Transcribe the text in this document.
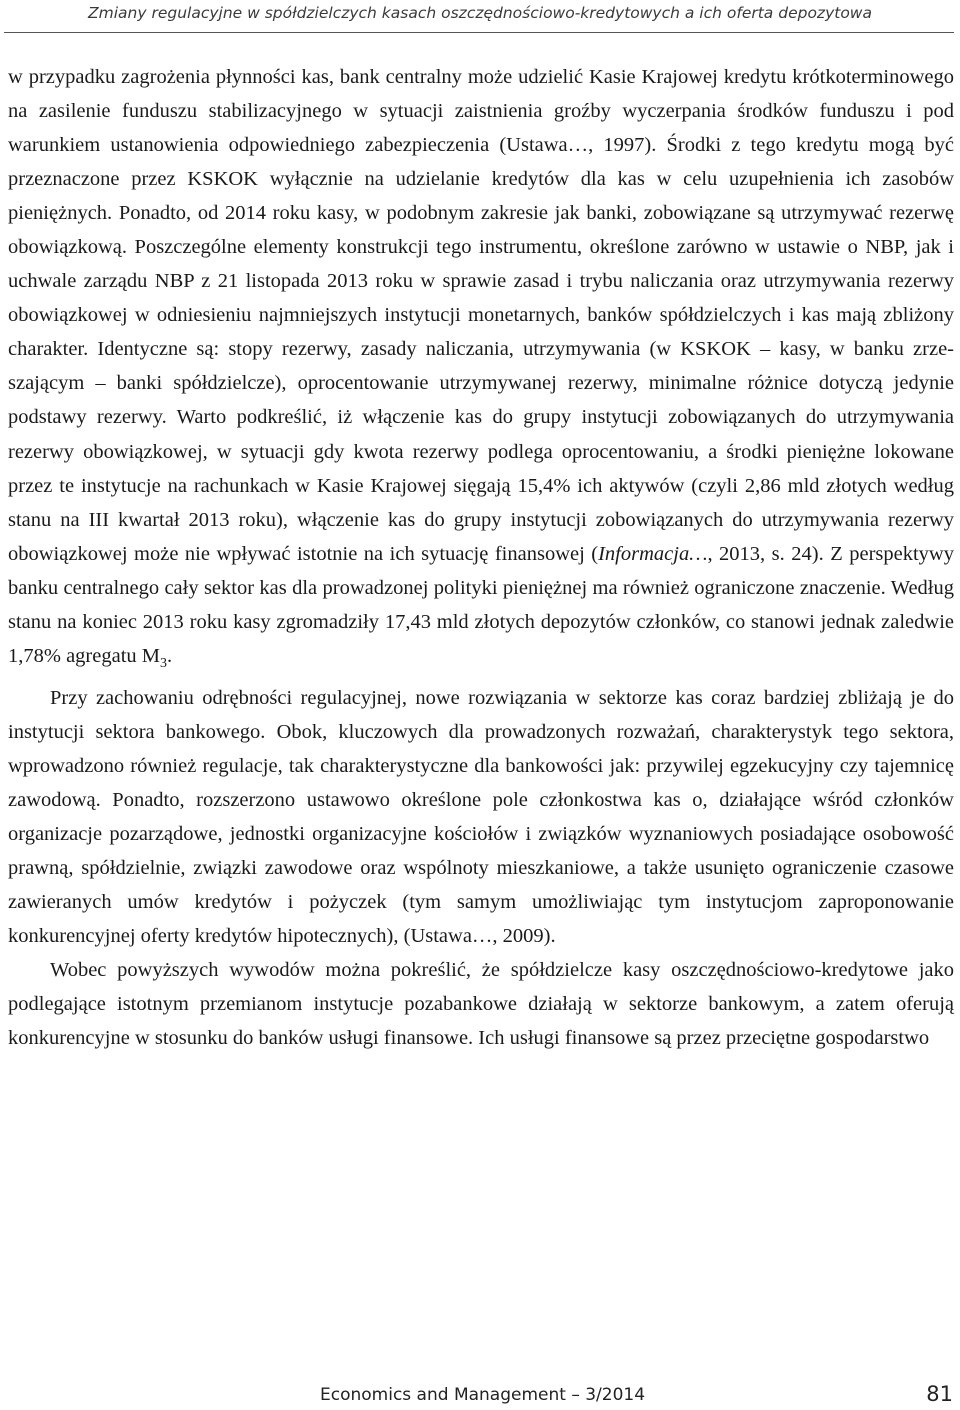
Zmiany regulacyjne w spółdzielczych kasach oszczędnościowo-kredytowych a ich oferta depozytowa

w przypadku zagrożenia płynności kas, bank centralny może udzielić Kasie Krajowej kredytu krótkoterminowego na zasilenie funduszu stabilizacyjnego w sytuacji zaistnienia groźby wyczerpania środków funduszu i pod warunkiem ustanowienia odpowiedniego zabezpieczenia (Ustawa…, 1997). Środki z tego kredytu mogą być przeznaczone przez KSKOK wyłącznie na udzielanie kredytów dla kas w celu uzupełnienia ich zasobów pieniężnych. Ponadto, od 2014 roku kasy, w podobnym zakresie jak banki, zobowiązane są utrzymywać rezerwę obowiązkową. Poszczególne elementy konstrukcji tego instrumentu, określone zarówno w ustawie o NBP, jak i uchwale zarządu NBP z 21 listopada 2013 roku w sprawie zasad i trybu naliczania oraz utrzymywania rezerwy obowiązkowej w odniesieniu najmniejszych instytucji monetarnych, banków spółdzielczych i kas mają zbliżony charakter. Identyczne są: stopy rezerwy, zasady naliczania, utrzymywania (w KSKOK – kasy, w banku zrzeszającym – banki spółdzielcze), oprocentowanie utrzymywanej rezerwy, minimalne różnice dotyczą jedynie podstawy rezerwy. Warto podkreślić, iż włączenie kas do grupy instytucji zobowiązanych do utrzymywania rezerwy obowiązkowej, w sytuacji gdy kwota rezerwy podlega oprocentowaniu, a środki pieniężne lokowane przez te instytucje na rachunkach w Kasie Krajowej sięgają 15,4% ich aktywów (czyli 2,86 mld złotych według stanu na III kwartał 2013 roku), włączenie kas do grupy instytucji zobowiązanych do utrzymywania rezerwy obowiązkowej może nie wpływać istotnie na ich sytuację finansowej (Informacja…, 2013, s. 24). Z perspektywy banku centralnego cały sektor kas dla prowadzonej polityki pieniężnej ma również ograniczone znaczenie. Według stanu na koniec 2013 roku kasy zgromadziły 17,43 mld złotych depozytów członków, co stanowi jednak zaledwie 1,78% agregatu $M_3$.

Przy zachowaniu odrębności regulacyjnej, nowe rozwiązania w sektorze kas coraz bardziej zbliżają je do instytucji sektora bankowego. Obok, kluczowych dla prowadzonych rozważań, charakterystyk tego sektora, wprowadzono również regulacje, tak charakterystyczne dla bankowości jak: przywilej egzekucyjny czy tajemnicę zawodową. Ponadto, rozszerzono ustawowo określone pole członkostwa kas o, działające wśród członków organizacje pozarządowe, jednostki organizacyjne kościołów i związków wyznaniowych posiadające osobowość prawną, spółdzielnie, związki zawodowe oraz wspólnoty mieszkaniowe, a także usunięto ograniczenie czasowe zawieranych umów kredytów i pożyczek (tym samym umożliwiając tym instytucjom zaproponowanie konkurencyjnej oferty kredytów hipotecznych), (Ustawa…, 2009).

Wobec powyższych wywodów można pokreślić, że spółdzielcze kasy oszczędnościowo-kredytowe jako podlegające istotnym przemianom instytucje pozabankowe działają w sektorze bankowym, a zatem oferują konkurencyjne w stosunku do banków usługi finansowe. Ich usługi finansowe są przez przeciętne gospodarstwo

Economics and Management – 3/2014	81
